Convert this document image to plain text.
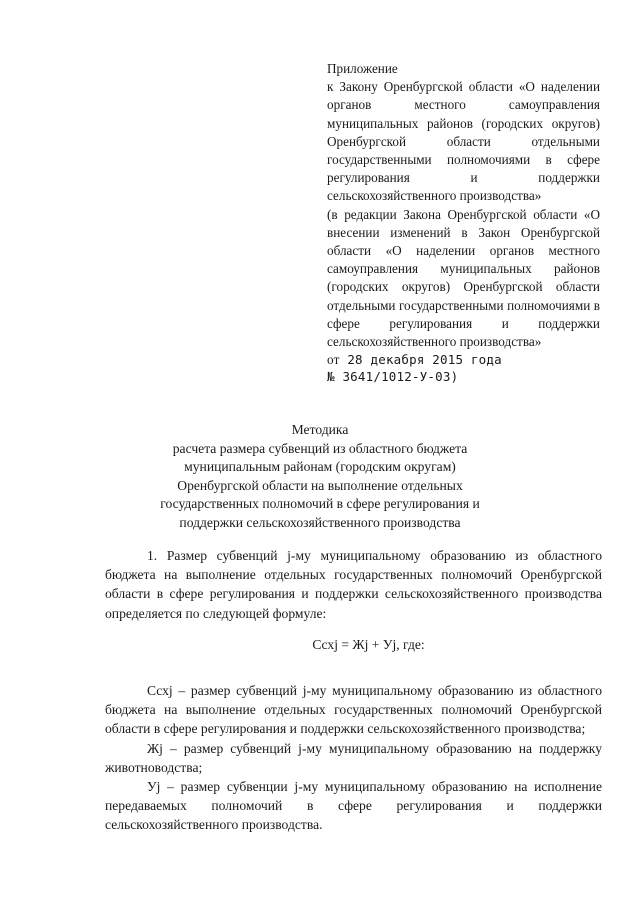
Приложение
к Закону Оренбургской области «О наделении органов местного самоуправления муниципальных районов (городских округов) Оренбургской области отдельными государственными полномочиями в сфере регулирования и поддержки сельскохозяйственного производства»
(в редакции Закона Оренбургской области «О внесении изменений в Закон Оренбургской области «О наделении органов местного самоуправления муниципальных районов (городских округов) Оренбургской области отдельными государственными полномочиями в сфере регулирования и поддержки сельскохозяйственного производства»
от 28 декабря 2015 года
№ 3641/1012-У-03)
Методика
расчета размера субвенций из областного бюджета
муниципальным районам (городским округам)
Оренбургской области на выполнение отдельных
государственных полномочий в сфере регулирования и
поддержки сельскохозяйственного производства

1. Размер субвенций j-му муниципальному образованию из областного бюджета на выполнение отдельных государственных полномочий Оренбургской области в сфере регулирования и поддержки сельскохозяйственного производства определяется по следующей формуле:

Ссхj = Жj + Уj, где:

Ссхj – размер субвенций j-му муниципальному образованию из областного бюджета на выполнение отдельных государственных полномочий Оренбургской области в сфере регулирования и поддержки сельскохозяйственного производства;

Жj – размер субвенций j-му муниципальному образованию на поддержку животноводства;

Уj – размер субвенции j-му муниципальному образованию на исполнение передаваемых полномочий в сфере регулирования и поддержки сельскохозяйственного производства.
